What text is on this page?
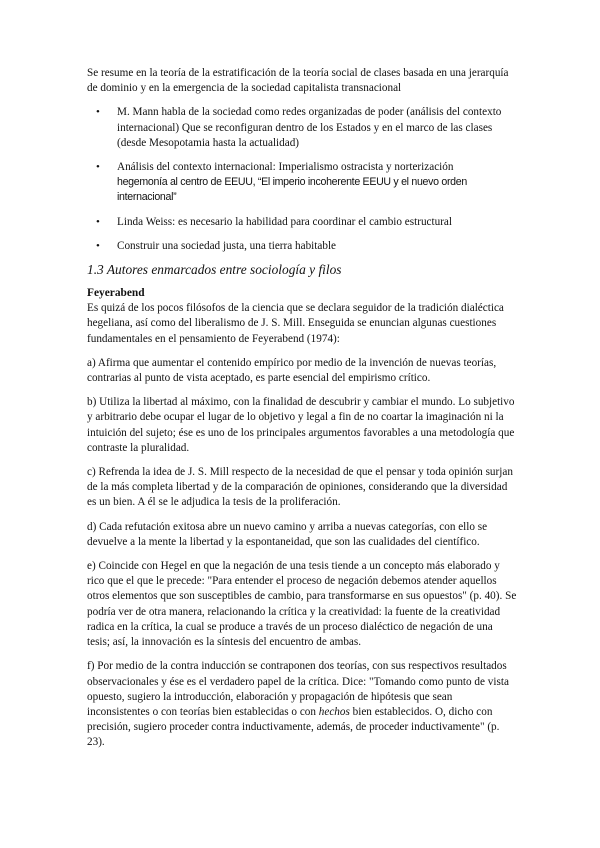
Se resume en la teoría de la estratificación de la teoría social de clases basada en una jerarquía de dominio y en la emergencia de la sociedad capitalista transnacional

• M. Mann habla de la sociedad como redes organizadas de poder (análisis del contexto internacional) Que se reconfiguran dentro de los Estados y en el marco de las clases (desde Mesopotamia hasta la actualidad)
• Análisis del contexto internacional: Imperialismo ostracista y norterización
hegemonía al centro de EEUU, “El imperio incoherente EEUU y el nuevo orden internacional”
• Linda Weiss: es necesario la habilidad para coordinar el cambio estructural
• Construir una sociedad justa, una tierra habitable
1.3 Autores enmarcados entre sociología y filos
Feyerabend

Es quizá de los pocos filósofos de la ciencia que se declara seguidor de la tradición dialéctica hegeliana, así como del liberalismo de J. S. Mill. Enseguida se enuncian algunas cuestiones fundamentales en el pensamiento de Feyerabend (1974):

a) Afirma que aumentar el contenido empírico por medio de la invención de nuevas teorías, contrarias al punto de vista aceptado, es parte esencial del empirismo crítico.

b) Utiliza la libertad al máximo, con la finalidad de descubrir y cambiar el mundo. Lo subjetivo y arbitrario debe ocupar el lugar de lo objetivo y legal a fin de no coartar la imaginación ni la intuición del sujeto; ése es uno de los principales argumentos favorables a una metodología que contraste la pluralidad.

c) Refrenda la idea de J. S. Mill respecto de la necesidad de que el pensar y toda opinión surjan de la más completa libertad y de la comparación de opiniones, considerando que la diversidad es un bien. A él se le adjudica la tesis de la proliferación.

d) Cada refutación exitosa abre un nuevo camino y arriba a nuevas categorías, con ello se devuelve a la mente la libertad y la espontaneidad, que son las cualidades del científico.

e) Coincide con Hegel en que la negación de una tesis tiende a un concepto más elaborado y rico que el que le precede: "Para entender el proceso de negación debemos atender aquellos otros elementos que son susceptibles de cambio, para transformarse en sus opuestos" (p. 40). Se podría ver de otra manera, relacionando la crítica y la creatividad: la fuente de la creatividad radica en la crítica, la cual se produce a través de un proceso dialéctico de negación de una tesis; así, la innovación es la síntesis del encuentro de ambas.

f) Por medio de la contra inducción se contraponen dos teorías, con sus respectivos resultados observacionales y ése es el verdadero papel de la crítica. Dice: "Tomando como punto de vista opuesto, sugiero la introducción, elaboración y propagación de hipótesis que sean inconsistentes o con teorías bien establecidas o con hechos bien establecidos. O, dicho con precisión, sugiero proceder contra inductivamente, además, de proceder inductivamente" (p. 23).
